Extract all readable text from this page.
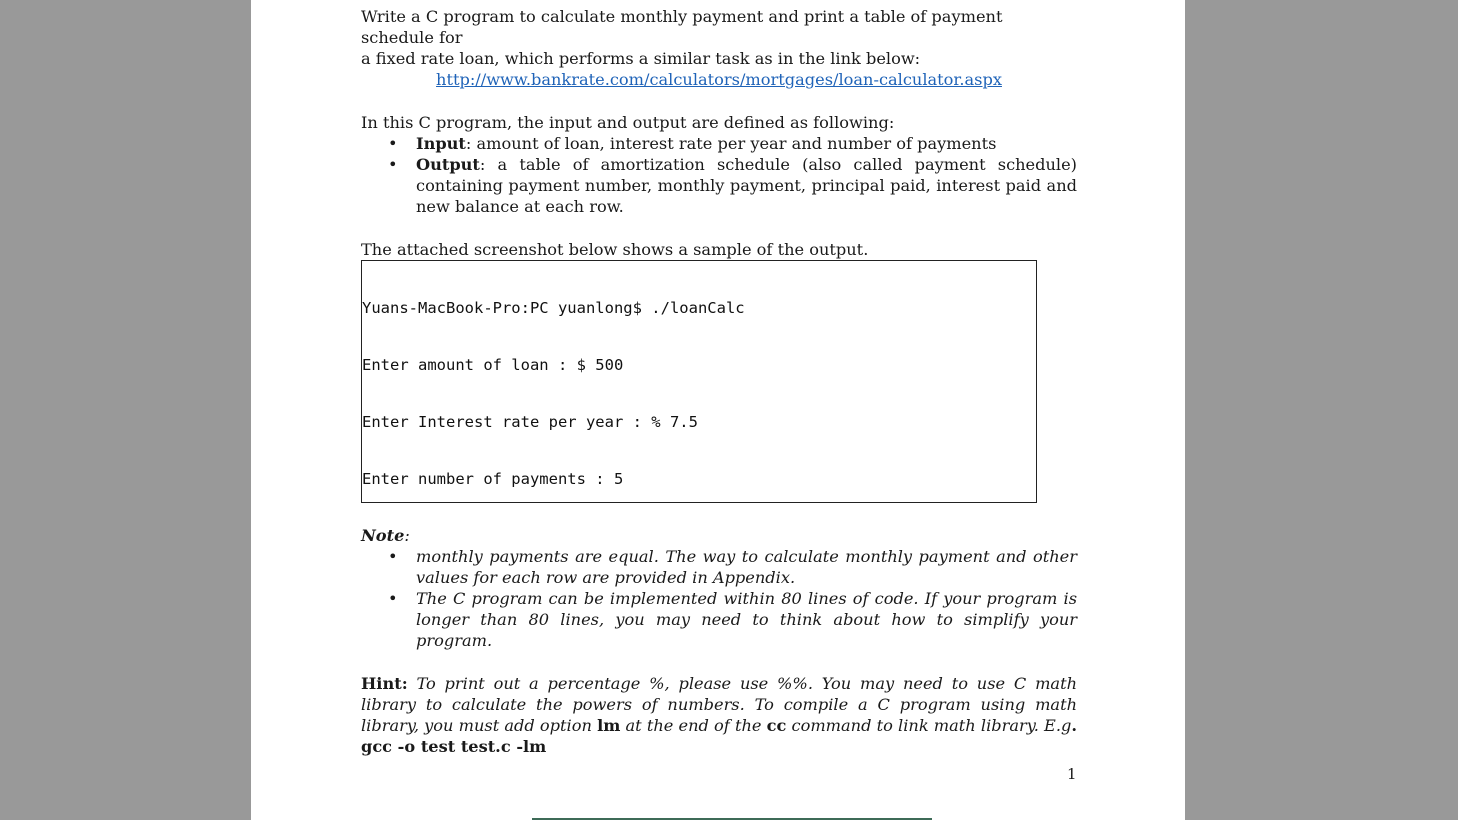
Write a C program to calculate monthly payment and print a table of payment schedule for

a fixed rate loan, which performs a similar task as in the link below:

http://www.bankrate.com/calculators/mortgages/loan-calculator.aspx

In this C program, the input and output are defined as following:

• Input: amount of loan, interest rate per year and number of payments
• Output: a table of amortization schedule (also called payment schedule) containing payment number, monthly payment, principal paid, interest paid and new balance at each row.

The attached screenshot below shows a sample of the output.

Yuans-MacBook-Pro:PC yuanlong$ ./loanCalc

Enter amount of loan : $ 500

Enter Interest rate per year : % 7.5

Enter number of payments : 5

Note:

• monthly payments are equal. The way to calculate monthly payment and other values for each row are provided in Appendix.
• The C program can be implemented within 80 lines of code. If your program is longer than 80 lines, you may need to think about how to simplify your program.

Hint: To print out a percentage %, please use %%. You may need to use C math library to calculate the powers of numbers. To compile a C program using math library, you must add option lm at the end of the cc command to link math library. E.g. gcc -o test test.c -lm

1
